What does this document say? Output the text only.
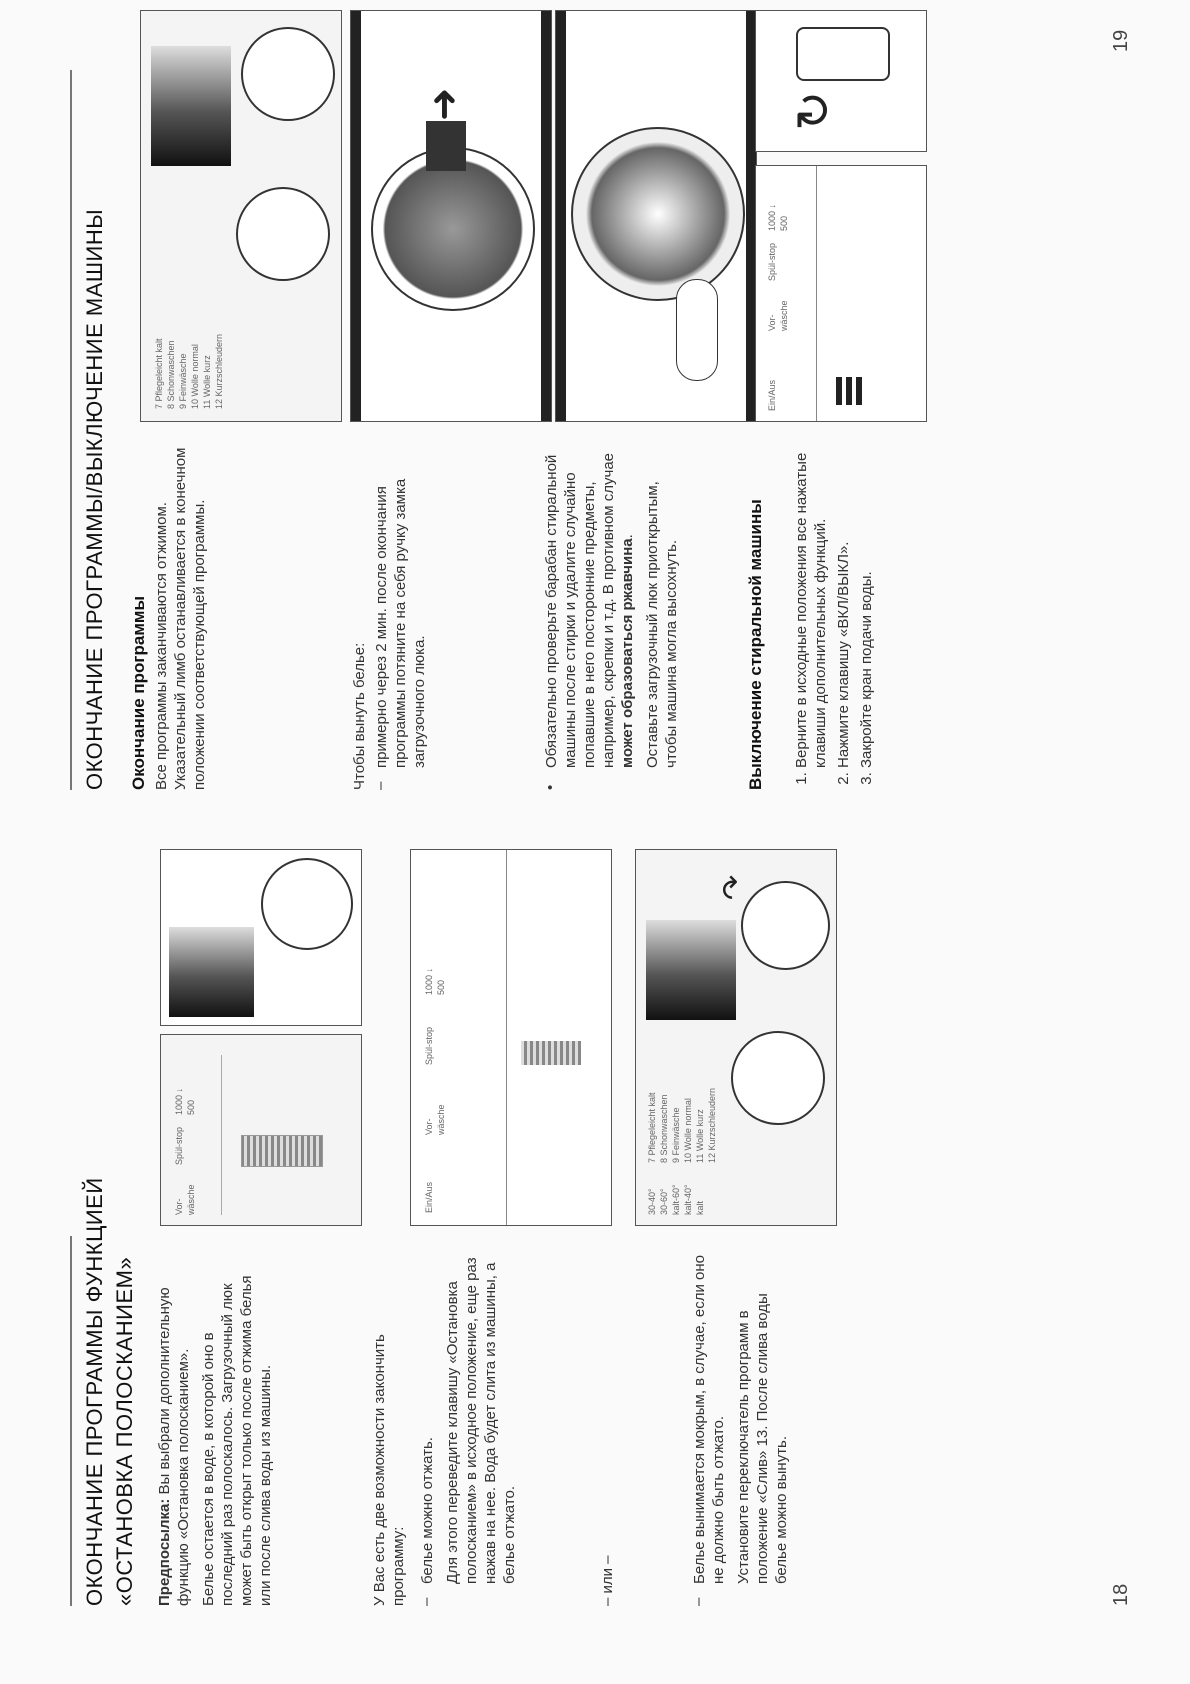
ОКОНЧАНИЕ ПРОГРАММЫ ФУНКЦИЕЙ «ОСТАНОВКА ПОЛОСКАНИЕМ» Предпосылка: Вы выбрали дополнительную функцию «Остановка полосканием». Белье остается в воде, в которой оно в последний раз полоскалось. Загрузочный люк может быть открыт только после отжима белья или после слива воды из машины.	У Вас есть две возможности закончить программу: –

белье можно отжать. Для этого переведите клавишу «Остановка полосканием» в исходное положение, еще раз нажав на нее. Вода будет слита из машины, а белье отжато.	– или –	–

Белье вынимается мокрым, в случае, если оно не должно быть отжато. Установите переключатель программ в положение «Слив» 13. После слива воды белье можно вынуть.

18
Vor-wäsche
Spül-stop
1000 ↓ 500
Ein/Aus
Vor-wäsche
Spül-stop
1000 ↓ 500
30-40° 30-60° kalt-60° kalt-40° kalt
7 Pflegeleicht kalt 8 Schonwaschen 9 Feinwäsche 10 Wolle normal 11 Wolle kurz 12 Kurzschleudern
↷
ОКОНЧАНИЕ ПРОГРАММЫ/ВЫКЛЮЧЕНИЕ МАШИНЫ Окончание программы Все программы заканчиваются отжимом. Указательный лимб останавливается в конечном положении соответствующей программы.	Чтобы вынуть белье: –
примерно через 2 мин. после окончания программы потяните на себя ручку замка загрузочного люка.
•

Обязательно проверьте барабан стиральной машины после стирки и удалите случайно попавшие в него посторонние предметы, например, скрепки и т.д. В противном случае может образоваться ржавчина. Оставьте загрузочный люк приоткрытым, чтобы машина могла высохнуть.	Выключение стиральной машины 1. Верните в исходные положения все нажатые клавиши дополнительных функций. 2. Нажмите клавишу «ВКЛ/ВЫКЛ». 3. Закройте кран подачи воды.
19
7 Pflegeleicht kalt 8 Schonwaschen 9 Feinwäsche 10 Wolle normal 11 Wolle kurz 12 Kurzschleudern
➜
Ein/Aus
Vor-wäsche
Spül-stop
1000 ↓ 500
↻
